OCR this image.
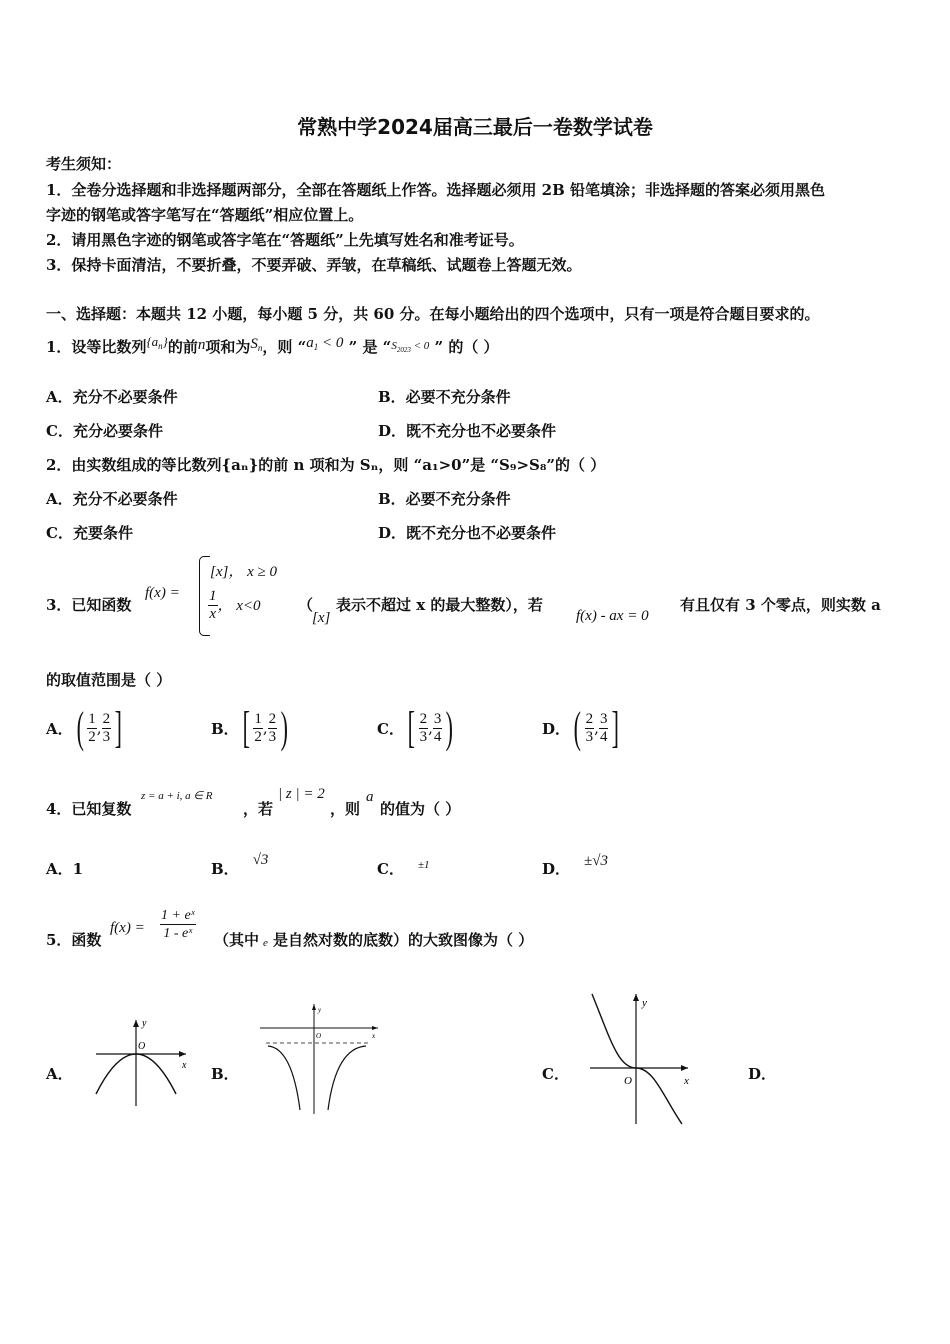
常熟中学2024届高三最后一卷数学试卷
考生须知：
1．全卷分选择题和非选择题两部分，全部在答题纸上作答。选择题必须用 2B 铅笔填涂；非选择题的答案必须用黑色
字迹的钢笔或答字笔写在“答题纸”相应位置上。
2．请用黑色字迹的钢笔或答字笔在“答题纸”上先填写姓名和准考证号。
3．保持卡面清洁，不要折叠，不要弄破、弄皱，在草稿纸、试题卷上答题无效。
一、选择题：本题共 12 小题，每小题 5 分，共 60 分。在每小题给出的四个选项中，只有一项是符合题目要求的。
1．设等比数列$\{a_n\}$的前n项和为$S_n$，则 “$a_1 < 0$ ” 是 “$^{S_{2023} < 0}$ ” 的（ ）
A．充分不必要条件	B．必要不充分条件
C．充分必要条件	D．既不充分也不必要条件
2．由实数组成的等比数列{aₙ}的前 n 项和为 Sₙ，则 “a₁>0”是 “S₉>S₈”的（ ）
A．充分不必要条件	B．必要不充分条件
C．充要条件	D．既不充分也不必要条件
3．已知函数
f(x) =
[x]， x ≥ 0
$\frac{1}{x}$ ， x<0 （
[x]
表示不超过 x 的最大整数），若
f(x) - ax = 0
有且仅有 3 个零点，则实数 a
的取值范围是（ ）
A． ( $\frac{1}{2}$ , $\frac{2}{3}$ ]	B． [ $\frac{1}{2}$ , $\frac{2}{3}$ )	C． [ $\frac{2}{3}$ , $\frac{3}{4}$ )	D． ( $\frac{2}{3}$ , $\frac{3}{4}$ ]
4．已知复数
z = a + i, a ∈ R
，若
| z | = 2
，则
a
的值为（ ）
A．1	B． √3	C． $^{\pm 1}$	D． ±√3
5．函数
$f(x) = \frac{\text{1 + eˣ}}{\text{1 - eˣ}}$ （其中 e 是自然对数的底数）的大致图像为（ ）
A．
y
x
O
B．
y
x
O
C．
y
x
O	D．
